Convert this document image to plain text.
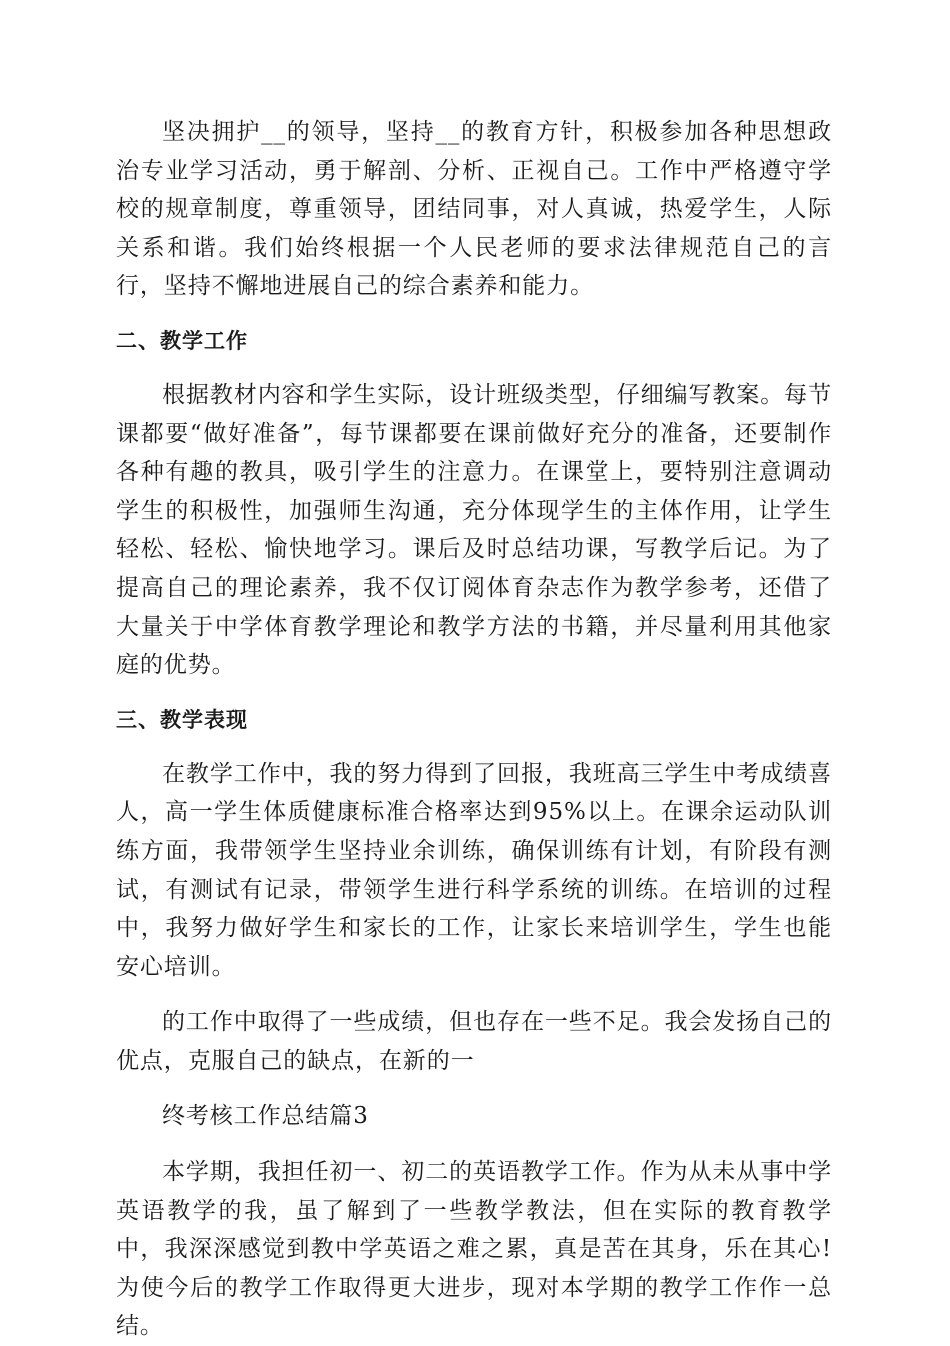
坚决拥护__的领导，坚持__的教育方针，积极参加各种思想政治专业学习活动，勇于解剖、分析、正视自己。工作中严格遵守学校的规章制度，尊重领导，团结同事，对人真诚，热爱学生，人际关系和谐。我们始终根据一个人民老师的要求法律规范自己的言行，坚持不懈地进展自己的综合素养和能力。

二、教学工作

根据教材内容和学生实际，设计班级类型，仔细编写教案。每节课都要“做好准备”，每节课都要在课前做好充分的准备，还要制作各种有趣的教具，吸引学生的注意力。在课堂上，要特别注意调动学生的积极性，加强师生沟通，充分体现学生的主体作用，让学生轻松、轻松、愉快地学习。课后及时总结功课，写教学后记。为了提高自己的理论素养，我不仅订阅体育杂志作为教学参考，还借了大量关于中学体育教学理论和教学方法的书籍，并尽量利用其他家庭的优势。

三、教学表现

在教学工作中，我的努力得到了回报，我班高三学生中考成绩喜人，高一学生体质健康标准合格率达到95%以上。在课余运动队训练方面，我带领学生坚持业余训练，确保训练有计划，有阶段有测试，有测试有记录，带领学生进行科学系统的训练。在培训的过程中，我努力做好学生和家长的工作，让家长来培训学生，学生也能安心培训。

的工作中取得了一些成绩，但也存在一些不足。我会发扬自己的优点，克服自己的缺点，在新的一

终考核工作总结篇3

本学期，我担任初一、初二的英语教学工作。作为从未从事中学英语教学的我，虽了解到了一些教学教法，但在实际的教育教学中，我深深感觉到教中学英语之难之累，真是苦在其身，乐在其心!为使今后的教学工作取得更大进步，现对本学期的教学工作作一总结。
